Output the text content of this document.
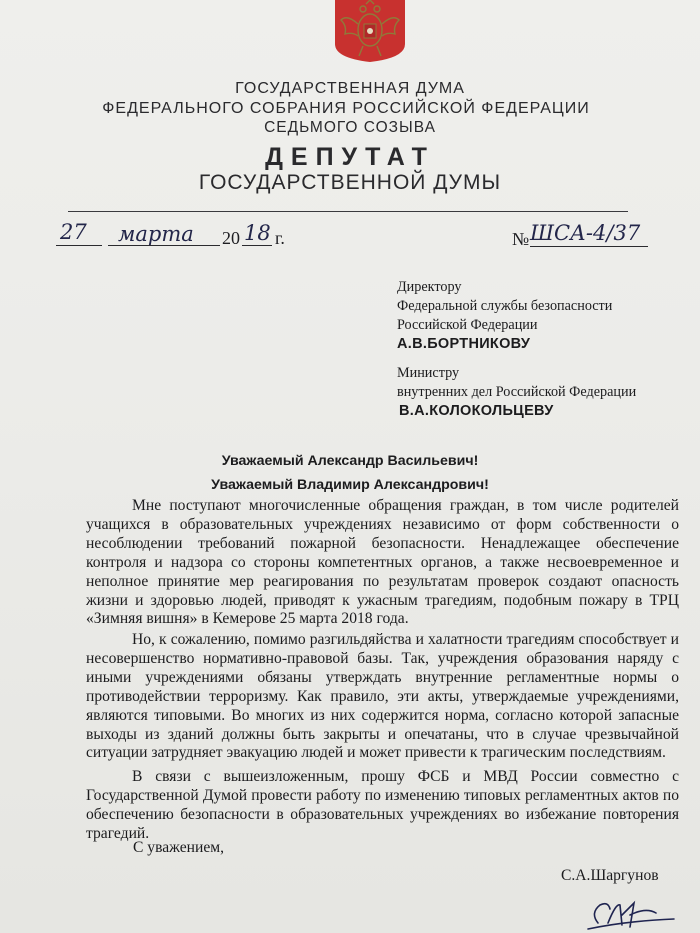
ГОСУДАРСТВЕННАЯ ДУМА
ФЕДЕРАЛЬНОГО СОБРАНИЯ РОССИЙСКОЙ ФЕДЕРАЦИИ
СЕДЬМОГО СОЗЫВА
ДЕПУТАТ
ГОСУДАРСТВЕННОЙ ДУМЫ
27 марта 20 18 г.	№ ШСА-4/37
Директору
Федеральной службы безопасности
Российской Федерации
А.В.БОРТНИКОВУ
Министру
внутренних дел Российской Федерации
В.А.КОЛОКОЛЬЦЕВУ
Уважаемый Александр Васильевич!
Уважаемый Владимир Александрович!
Мне поступают многочисленные обращения граждан, в том числе родителей учащихся в образовательных учреждениях независимо от форм собственности о несоблюдении требований пожарной безопасности. Ненадлежащее обеспечение контроля и надзора со стороны компетентных органов, а также несвоевременное и неполное принятие мер реагирования по результатам проверок создают опасность жизни и здоровью людей, приводят к ужасным трагедиям, подобным пожару в ТРЦ «Зимняя вишня» в Кемерове 25 марта 2018 года.
Но, к сожалению, помимо разгильдяйства и халатности трагедиям способствует и несовершенство нормативно-правовой базы. Так, учреждения образования наряду с иными учреждениями обязаны утверждать внутренние регламентные нормы о противодействии терроризму. Как правило, эти акты, утверждаемые учреждениями, являются типовыми. Во многих из них содержится норма, согласно которой запасные выходы из зданий должны быть закрыты и опечатаны, что в случае чрезвычайной ситуации затрудняет эвакуацию людей и может привести к трагическим последствиям.
В связи с вышеизложенным, прошу ФСБ и МВД России совместно с Государственной Думой провести работу по изменению типовых регламентных актов по обеспечению безопасности в образовательных учреждениях во избежание повторения трагедий.
С уважением,
С.А.Шаргунов
